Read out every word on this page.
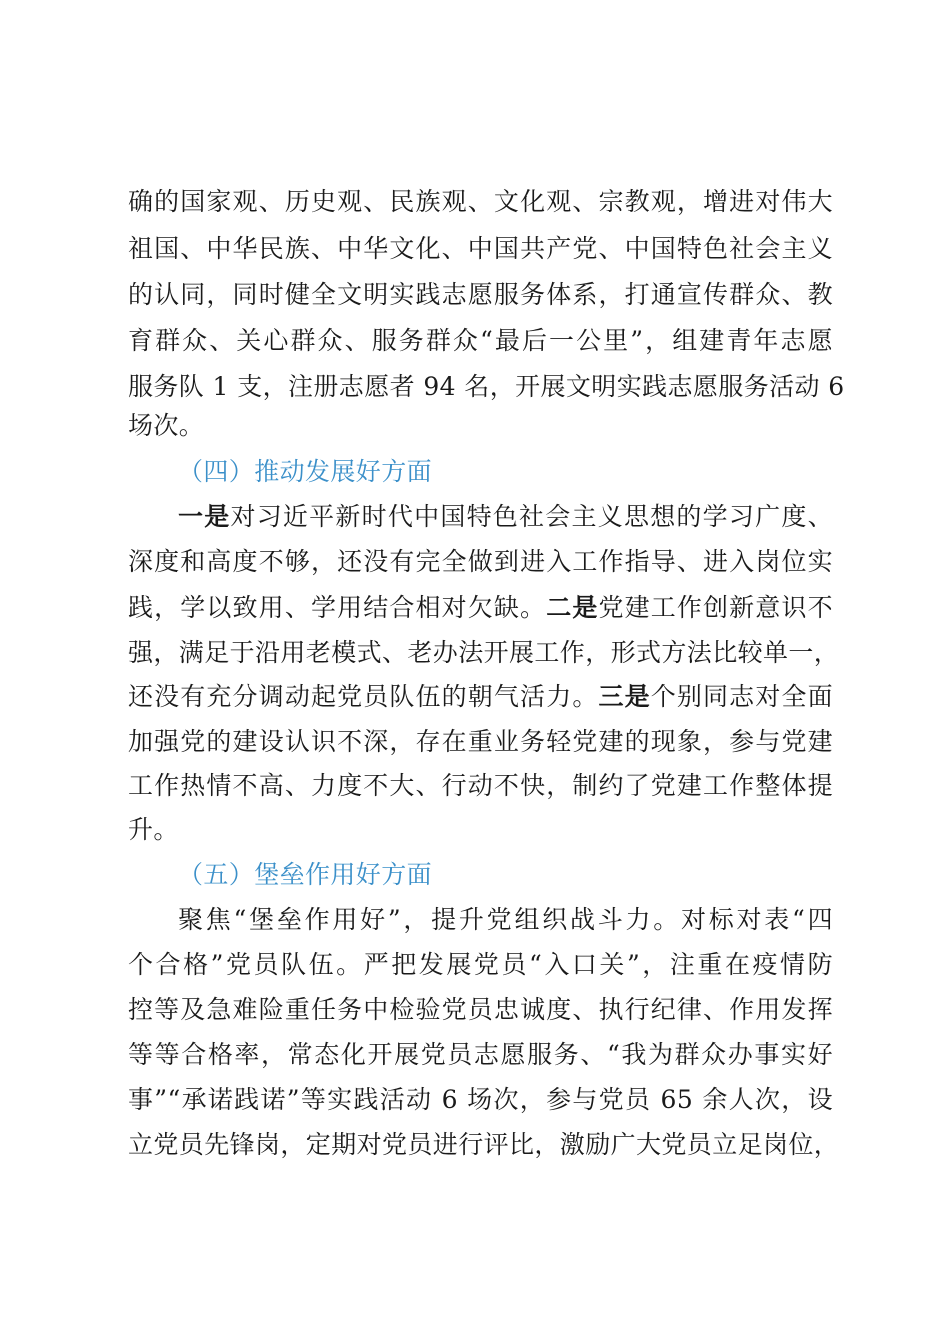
确的国家观、历史观、民族观、文化观、宗教观，增进对伟大
祖国、中华民族、中华文化、中国共产党、中国特色社会主义
的认同，同时健全文明实践志愿服务体系，打通宣传群众、教
育群众、关心群众、服务群众“最后一公里”，组建青年志愿
服务队 1 支，注册志愿者 94 名，开展文明实践志愿服务活动 6
场次。
（四）推动发展好方面
一是对习近平新时代中国特色社会主义思想的学习广度、
深度和高度不够，还没有完全做到进入工作指导、进入岗位实
践，学以致用、学用结合相对欠缺。二是党建工作创新意识不
强，满足于沿用老模式、老办法开展工作，形式方法比较单一，
还没有充分调动起党员队伍的朝气活力。三是个别同志对全面
加强党的建设认识不深，存在重业务轻党建的现象，参与党建
工作热情不高、力度不大、行动不快，制约了党建工作整体提
升。
（五）堡垒作用好方面
聚焦“堡垒作用好”，提升党组织战斗力。对标对表“四
个合格”党员队伍。严把发展党员“入口关”，注重在疫情防
控等及急难险重任务中检验党员忠诚度、执行纪律、作用发挥
等等合格率，常态化开展党员志愿服务、“我为群众办事实好
事”“承诺践诺”等实践活动 6 场次，参与党员 65 余人次，设
立党员先锋岗，定期对党员进行评比，激励广大党员立足岗位，
